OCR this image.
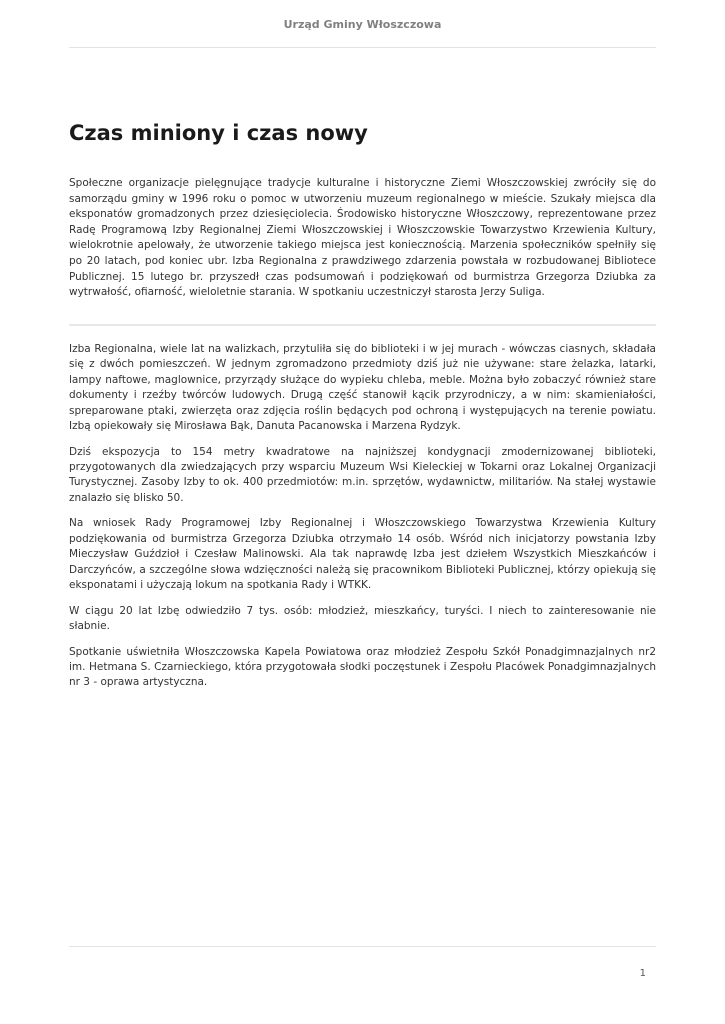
Urząd Gminy Włoszczowa
Czas miniony i czas nowy

Społeczne organizacje pielęgnujące tradycje kulturalne i historyczne Ziemi Włoszczowskiej zwróciły się do samorządu gminy w 1996 roku o pomoc w utworzeniu muzeum regionalnego w mieście. Szukały miejsca dla eksponatów gromadzonych przez dziesięciolecia. Środowisko historyczne Włoszczowy, reprezentowane przez Radę Programową Izby Regionalnej Ziemi Włoszczowskiej i Włoszczowskie Towarzystwo Krzewienia Kultury, wielokrotnie apelowały, że utworzenie takiego miejsca jest koniecznością. Marzenia społeczników spełniły się po 20 latach, pod koniec ubr. Izba Regionalna z prawdziwego zdarzenia powstała w rozbudowanej Bibliotece Publicznej. 15 lutego br. przyszedł czas podsumowań i podziękowań od burmistrza Grzegorza Dziubka za wytrwałość, ofiarność, wieloletnie starania. W spotkaniu uczestniczył starosta Jerzy Suliga.

Izba Regionalna, wiele lat na walizkach, przytuliła się do biblioteki i w jej murach - wówczas ciasnych, składała się z dwóch pomieszczeń. W jednym zgromadzono przedmioty dziś już nie używane: stare żelazka, latarki, lampy naftowe, maglownice, przyrządy służące do wypieku chleba, meble. Można było zobaczyć również stare dokumenty i rzeźby twórców ludowych. Drugą część stanowił kącik przyrodniczy, a w nim: skamieniałości, spreparowane ptaki, zwierzęta oraz zdjęcia roślin będących pod ochroną i występujących na terenie powiatu. Izbą opiekowały się Mirosława Bąk, Danuta Pacanowska i Marzena Rydzyk.

Dziś ekspozycja to 154 metry kwadratowe na najniższej kondygnacji zmodernizowanej biblioteki, przygotowanych dla zwiedzających przy wsparciu Muzeum Wsi Kieleckiej w Tokarni oraz Lokalnej Organizacji Turystycznej. Zasoby Izby to ok. 400 przedmiotów: m.in. sprzętów, wydawnictw, militariów. Na stałej wystawie znalazło się blisko 50.

Na wniosek Rady Programowej Izby Regionalnej i Włoszczowskiego Towarzystwa Krzewienia Kultury podziękowania od burmistrza Grzegorza Dziubka otrzymało 14 osób. Wśród nich inicjatorzy powstania Izby Mieczysław Guździoł i Czesław Malinowski. Ala tak naprawdę Izba jest dziełem Wszystkich Mieszkańców i Darczyńców, a szczególne słowa wdzięczności należą się pracownikom Biblioteki Publicznej, którzy opiekują się eksponatami i użyczają lokum na spotkania Rady i WTKK.

W ciągu 20 lat Izbę odwiedziło 7 tys. osób: młodzież, mieszkańcy, turyści. I niech to zainteresowanie nie słabnie.

Spotkanie uświetniła Włoszczowska Kapela Powiatowa oraz młodzież Zespołu Szkół Ponadgimnazjalnych nr2 im. Hetmana S. Czarnieckiego, która przygotowała słodki poczęstunek i Zespołu Placówek Ponadgimnazjalnych nr 3 - oprawa artystyczna.

1
